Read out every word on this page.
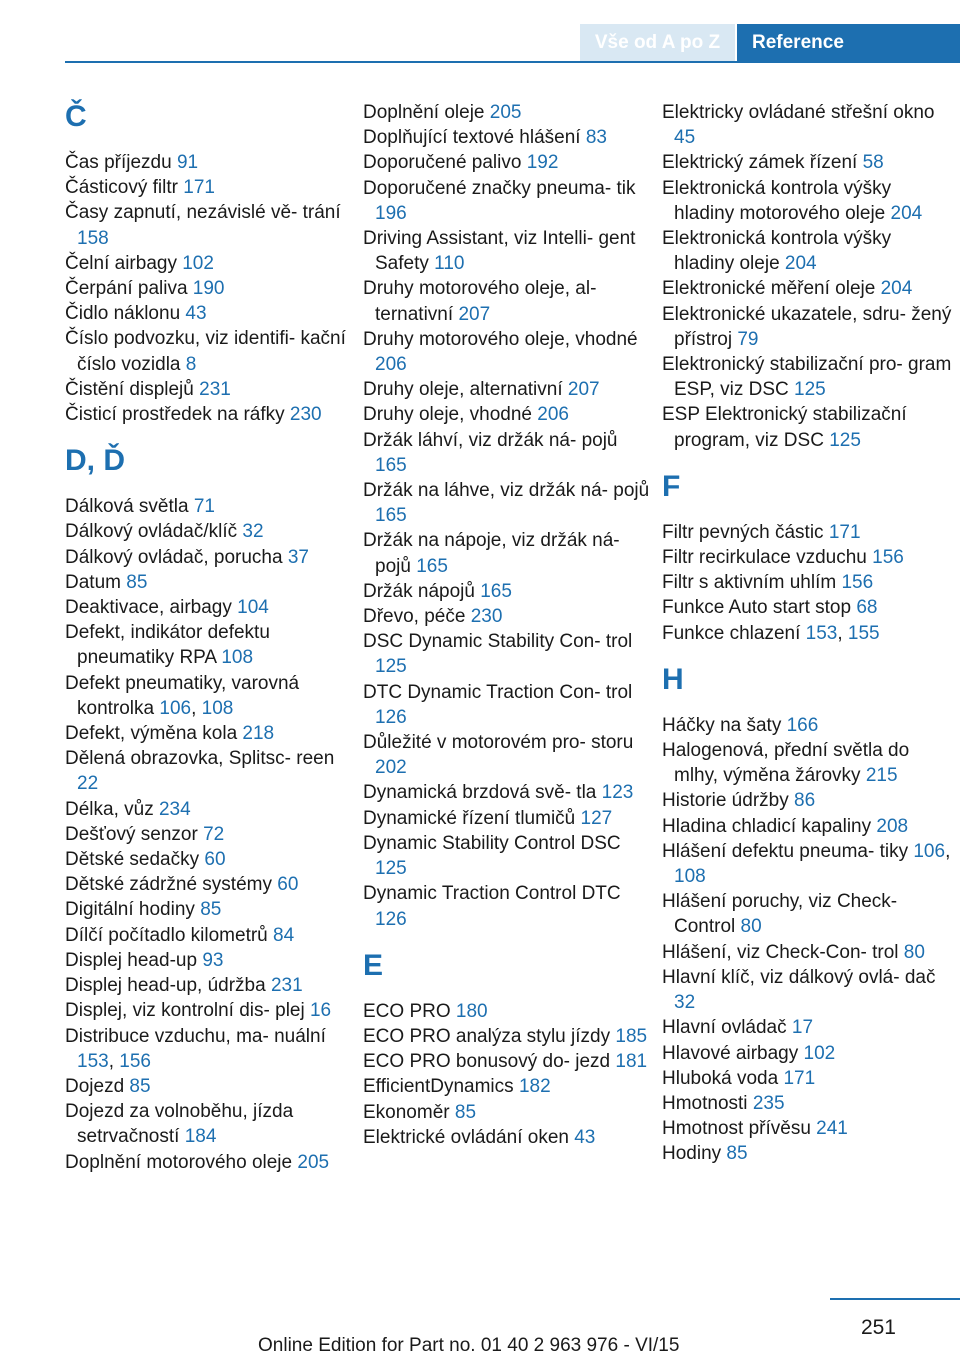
Vše od A po Z	Reference
Č
Čas příjezdu 91
Částicový filtr 171
Časy zapnutí, nezávislé vě‐ trání 158
Čelní airbagy 102
Čerpání paliva 190
Čidlo náklonu 43
Číslo podvozku, viz identifi‐ kační číslo vozidla 8
Čistění displejů 231
Čisticí prostředek na ráfky 230
D, Ď
Dálková světla 71
Dálkový ovládač/klíč 32
Dálkový ovládač, porucha 37
Datum 85
Deaktivace, airbagy 104
Defekt, indikátor defektu pneumatiky RPA 108
Defekt pneumatiky, varovná kontrolka 106, 108
Defekt, výměna kola 218
Dělená obrazovka, Splitsc‐ reen 22
Délka, vůz 234
Dešťový senzor 72
Dětské sedačky 60
Dětské zádržné systémy 60
Digitální hodiny 85
Dílčí počítadlo kilometrů 84
Displej head-up 93
Displej head-up, údržba 231
Displej, viz kontrolní dis‐ plej 16
Distribuce vzduchu, ma‐ nuální 153, 156
Dojezd 85
Dojezd za volnoběhu, jízda setrvačností 184
Doplnění motorového oleje 205
Doplnění oleje 205
Doplňující textové hlášení 83
Doporučené palivo 192
Doporučené značky pneuma‐ tik 196
Driving Assistant, viz Intelli‐ gent Safety 110
Druhy motorového oleje, al‐ ternativní 207
Druhy motorového oleje, vhodné 206
Druhy oleje, alternativní 207
Druhy oleje, vhodné 206
Držák láhví, viz držák ná‐ pojů 165
Držák na láhve, viz držák ná‐ pojů 165
Držák na nápoje, viz držák ná‐ pojů 165
Držák nápojů 165
Dřevo, péče 230
DSC Dynamic Stability Con‐ trol 125
DTC Dynamic Traction Con‐ trol 126
Důležité v motorovém pro‐ storu 202
Dynamická brzdová svě‐ tla 123
Dynamické řízení tlumičů 127
Dynamic Stability Control DSC 125
Dynamic Traction Control DTC 126
E
ECO PRO 180
ECO PRO analýza stylu jízdy 185
ECO PRO bonusový do‐ jezd 181
EfficientDynamics 182
Ekonoměr 85
Elektrické ovládání oken 43
Elektricky ovládané střešní okno 45
Elektrický zámek řízení 58
Elektronická kontrola výšky hladiny motorového oleje 204
Elektronická kontrola výšky hladiny oleje 204
Elektronické měření oleje 204
Elektronické ukazatele, sdru‐ žený přístroj 79
Elektronický stabilizační pro‐ gram ESP, viz DSC 125
ESP Elektronický stabilizační program, viz DSC 125
F
Filtr pevných částic 171
Filtr recirkulace vzduchu 156
Filtr s aktivním uhlím 156
Funkce Auto start stop 68
Funkce chlazení 153, 155
H
Háčky na šaty 166
Halogenová, přední světla do mlhy, výměna žárovky 215
Historie údržby 86
Hladina chladicí kapaliny 208
Hlášení defektu pneuma‐ tiky 106, 108
Hlášení poruchy, viz Check- Control 80
Hlášení, viz Check-Con‐ trol 80
Hlavní klíč, viz dálkový ovlá‐ dač 32
Hlavní ovládač 17
Hlavové airbagy 102
Hluboká voda 171
Hmotnosti 235
Hmotnost přívěsu 241
Hodiny 85
251
Online Edition for Part no. 01 40 2 963 976 - VI/15
